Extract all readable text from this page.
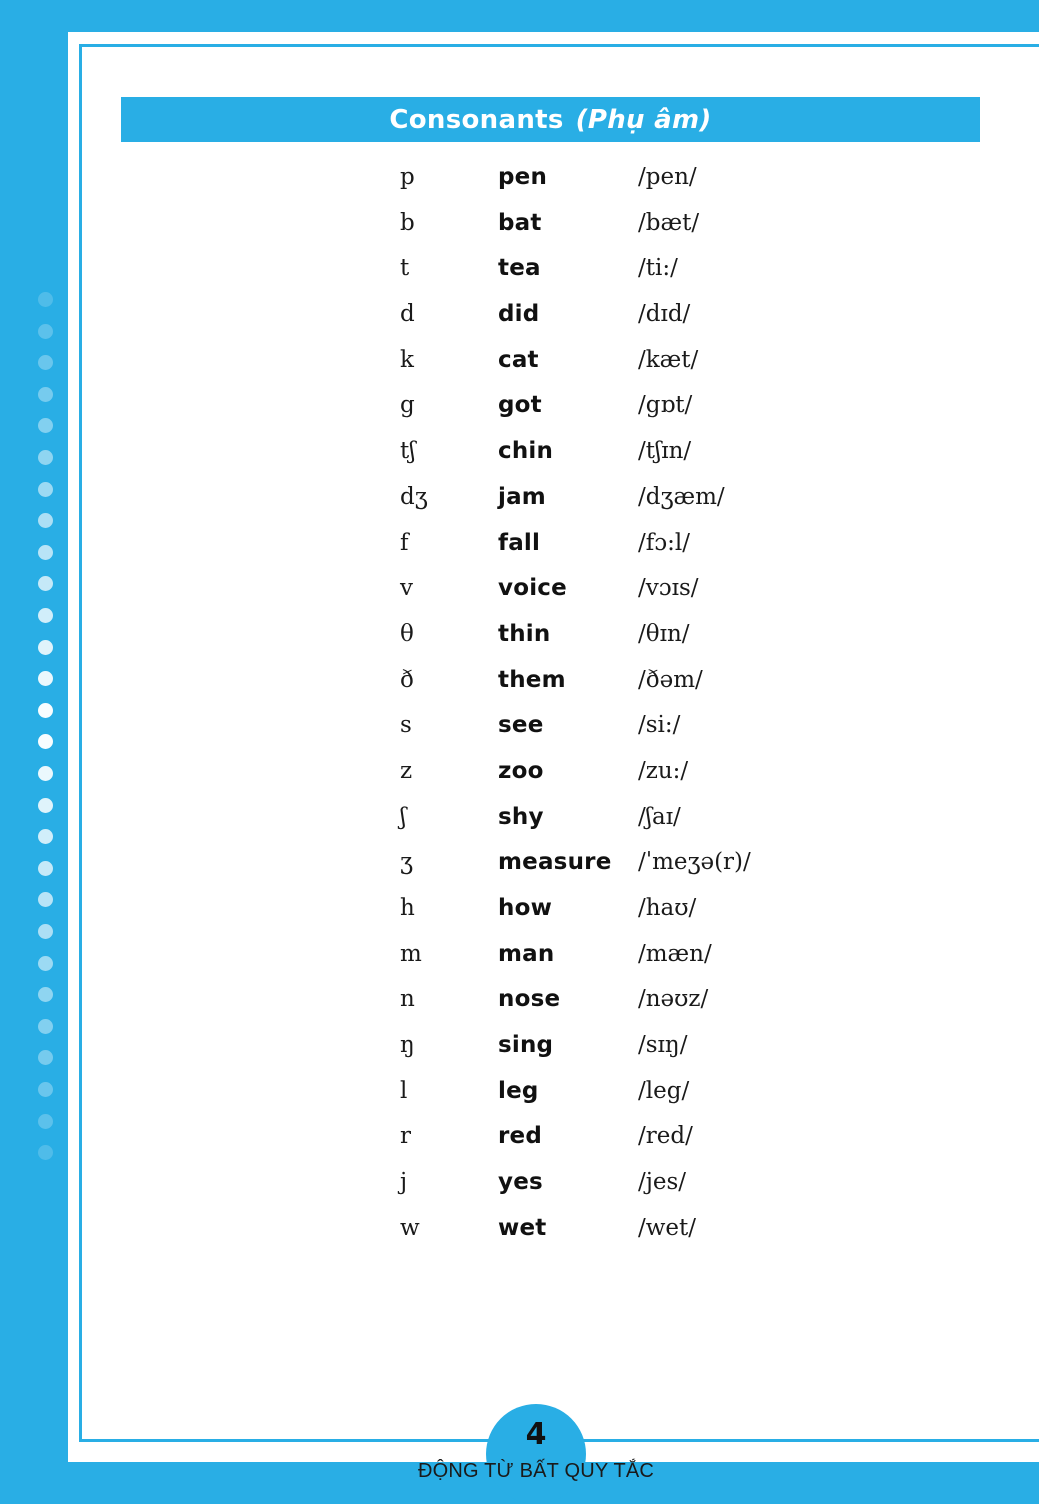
Consonants (Phụ âm)
p	pen	/pen/
b	bat	/bæt/
t	tea	/ti:/
d	did	/dɪd/
k	cat	/kæt/
g	got	/gɒt/
tʃ	chin	/tʃɪn/
dʒ	jam	/dʒæm/
f	fall	/fɔ:l/
v	voice	/vɔɪs/
θ	thin	/θɪn/
ð	them	/ðəm/
s	see	/si:/
z	zoo	/zu:/
ʃ	shy	/ʃaɪ/
ʒ	measure /ˈmeʒə(r)/
h	how	/haʊ/
m	man	/mæn/
n	nose	/nəʊz/
ŋ	sing	/sɪŋ/
l	leg	/leg/
r	red	/red/
j	yes	/jes/
w	wet	/wet/
4
ĐỘNG TỪ BẤT QUY TẮC
